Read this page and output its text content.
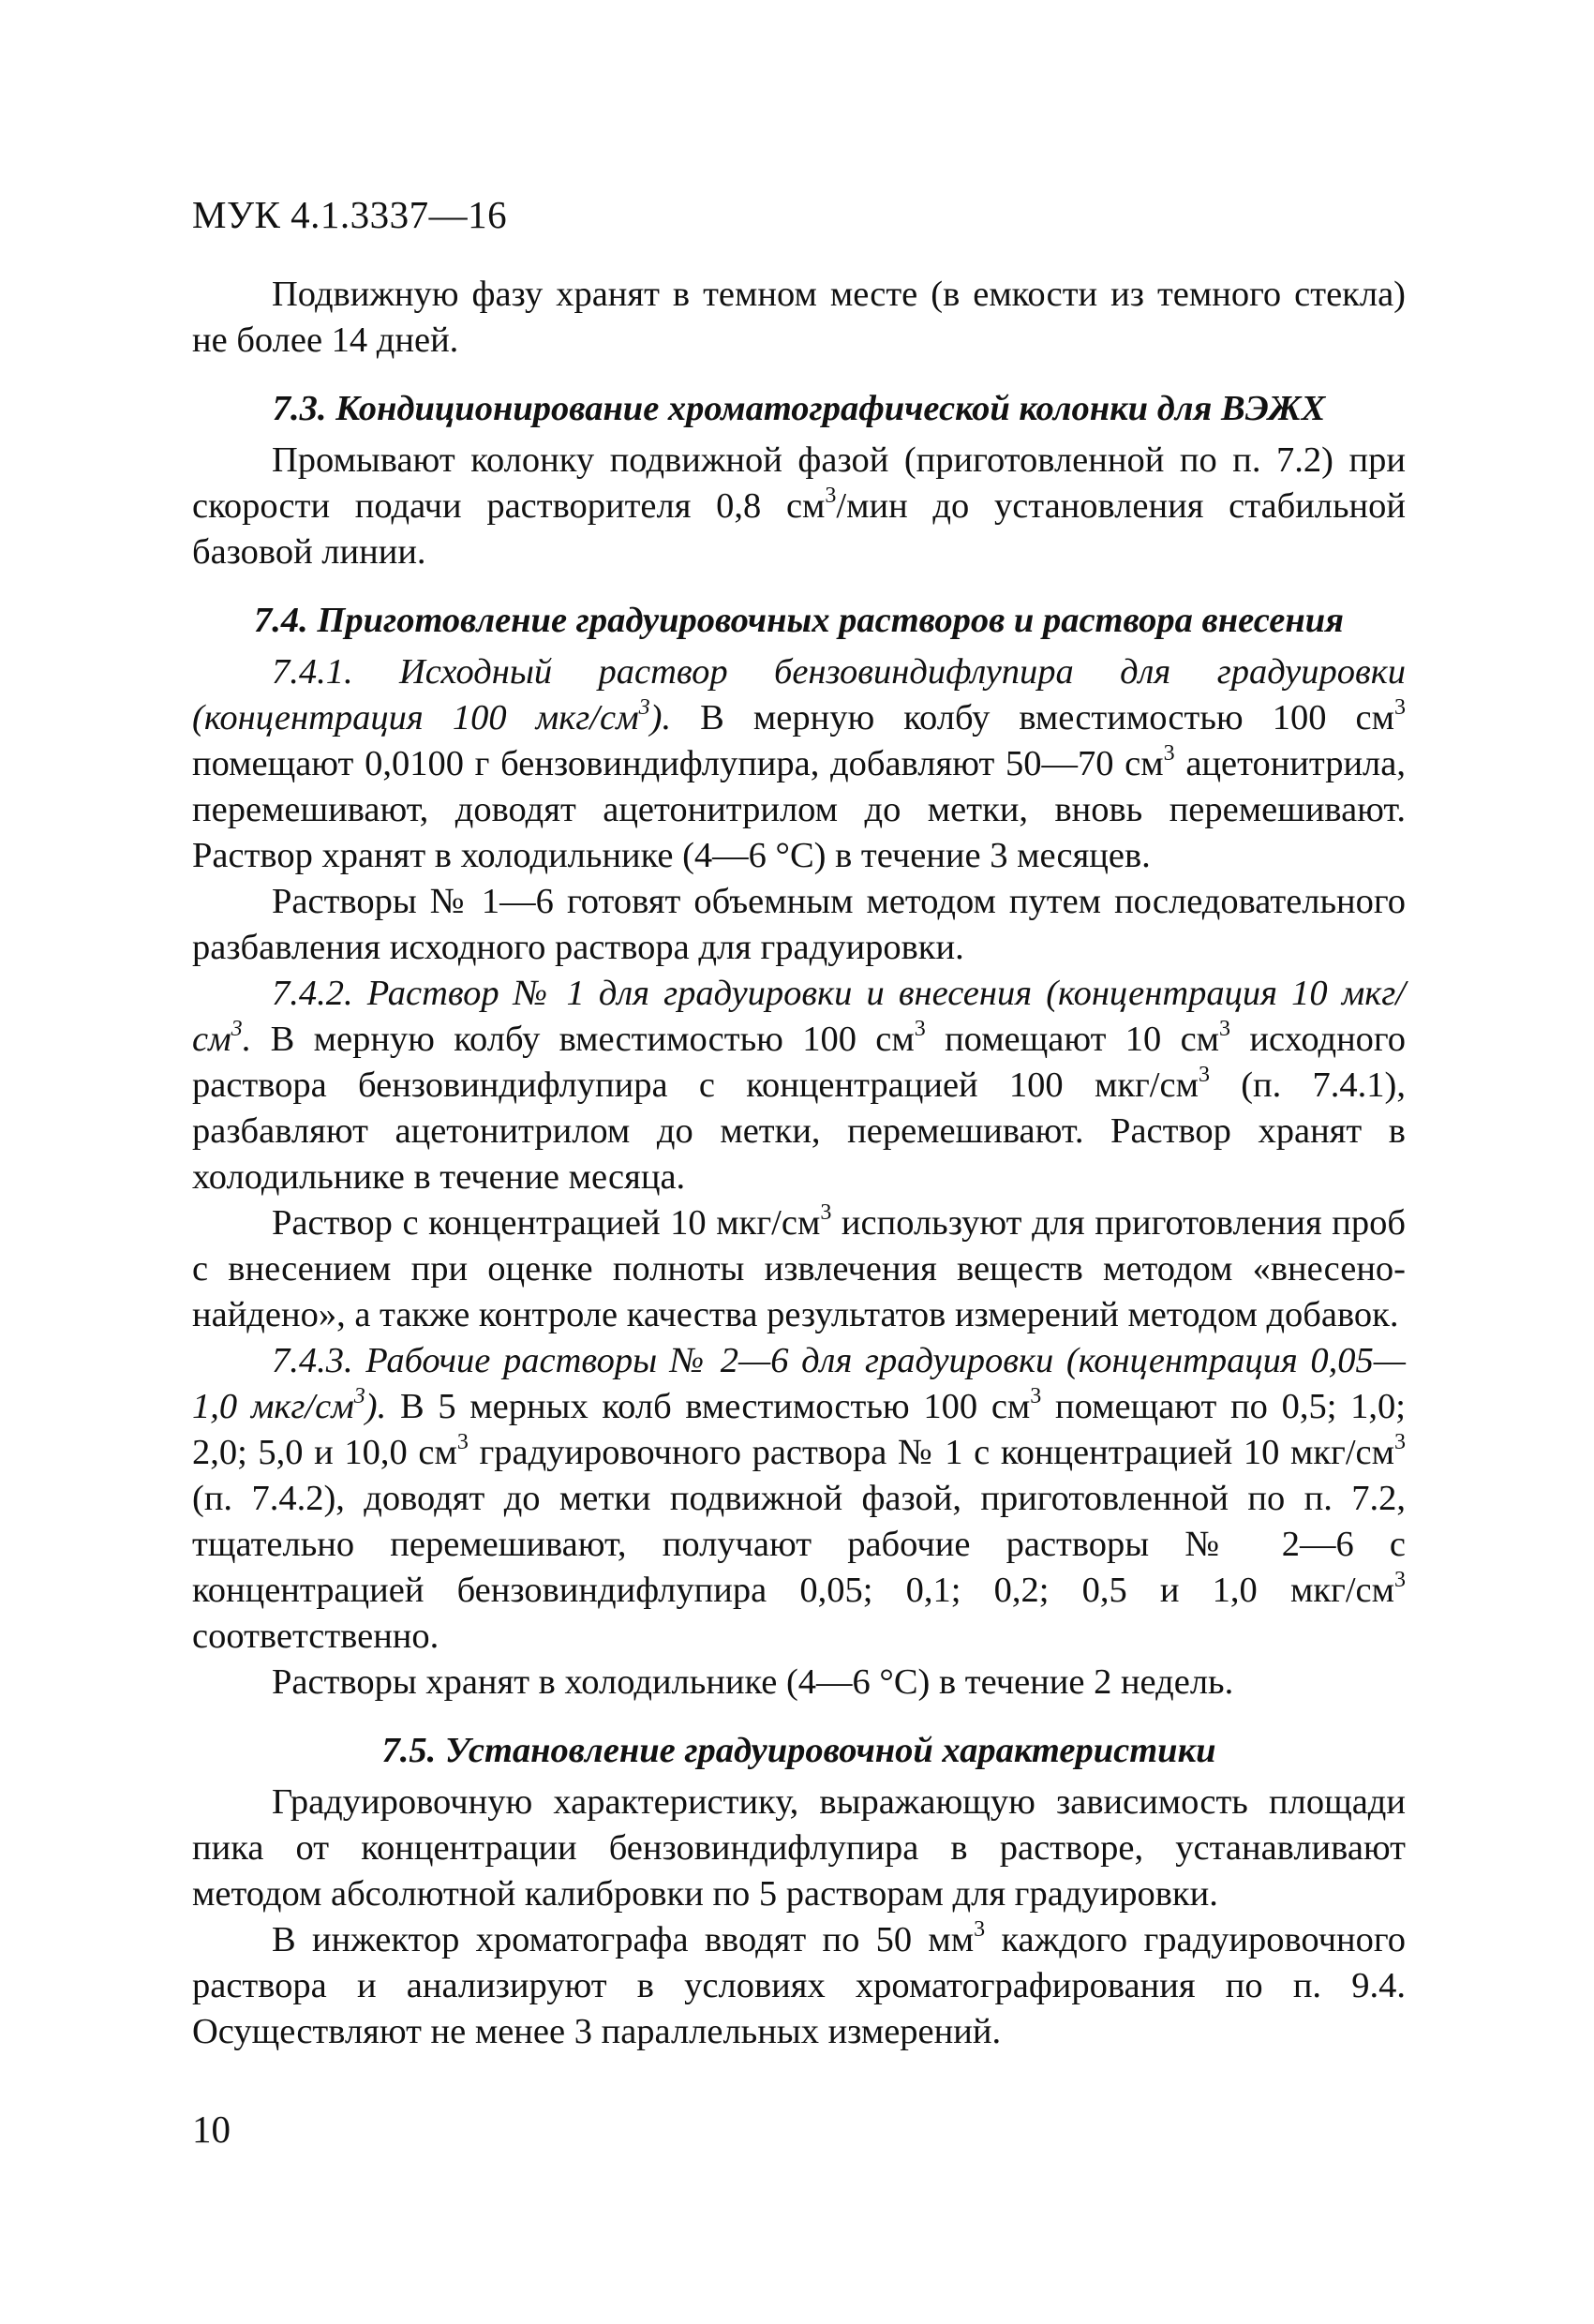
МУК 4.1.3337—16

Подвижную фазу хранят в темном месте (в емкости из темного стекла) не более 14 дней.

7.3. Кондиционирование хроматографической колонки для ВЭЖХ

Промывают колонку подвижной фазой (приготовленной по п. 7.2) при скорости подачи растворителя 0,8 $см^3$/мин до установления стабильной базовой линии.

7.4. Приготовление градуировочных растворов и раствора внесения

7.4.1. Исходный раствор бензовиндифлупира для градуировки (концентрация 100 мкг/$см^3$). В мерную колбу вместимостью 100 $см^3$ помещают 0,0100 г бензовиндифлупира, добавляют 50—70 $см^3$ ацетонитрила, перемешивают, доводят ацетонитрилом до метки, вновь перемешивают. Раствор хранят в холодильнике (4—6 °С) в течение 3 месяцев.

Растворы № 1—6 готовят объемным методом путем последовательного разбавления исходного раствора для градуировки.

7.4.2. Раствор № 1 для градуировки и внесения (концентрация 10 мкг/$см^3$. В мерную колбу вместимостью 100 $см^3$ помещают 10 $см^3$ исходного раствора бензовиндифлупира с концентрацией 100 мкг/$см^3$ (п. 7.4.1), разбавляют ацетонитрилом до метки, перемешивают. Раствор хранят в холодильнике в течение месяца.

Раствор с концентрацией 10 мкг/$см^3$ используют для приготовления проб с внесением при оценке полноты извлечения веществ методом «внесено-найдено», а также контроле качества результатов измерений методом добавок.

7.4.3. Рабочие растворы № 2—6 для градуировки (концентрация 0,05—1,0 мкг/$см^3$). В 5 мерных колб вместимостью 100 $см^3$ помещают по 0,5; 1,0; 2,0; 5,0 и 10,0 $см^3$ градуировочного раствора № 1 с концентрацией 10 мкг/$см^3$ (п. 7.4.2), доводят до метки подвижной фазой, приготовленной по п. 7.2, тщательно перемешивают, получают рабочие растворы № 2—6 с концентрацией бензовиндифлупира 0,05; 0,1; 0,2; 0,5 и 1,0 мкг/$см^3$ соответственно.

Растворы хранят в холодильнике (4—6 °С) в течение 2 недель.

7.5. Установление градуировочной характеристики

Градуировочную характеристику, выражающую зависимость площади пика от концентрации бензовиндифлупира в растворе, устанавливают методом абсолютной калибровки по 5 растворам для градуировки.

В инжектор хроматографа вводят по 50 $мм^3$ каждого градуировочного раствора и анализируют в условиях хроматографирования по п. 9.4. Осуществляют не менее 3 параллельных измерений.

10
